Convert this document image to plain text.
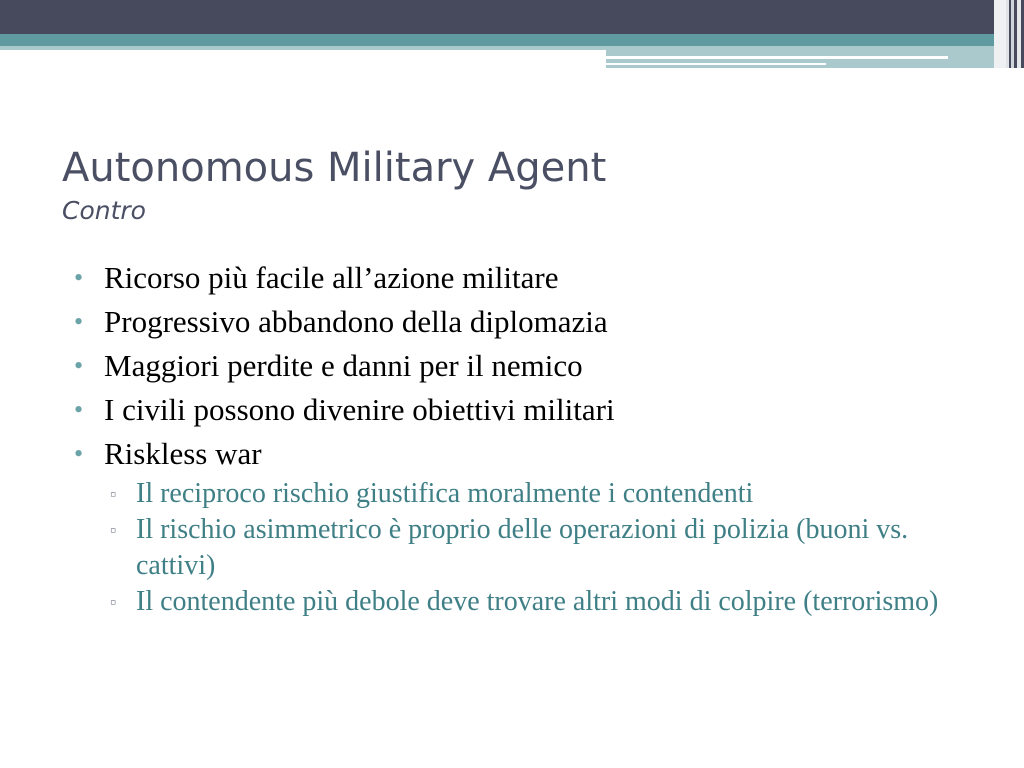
Autonomous Military Agent

Contro

• Ricorso più facile all’azione militare
• Progressivo abbandono della diplomazia
• Maggiori perdite e danni per il nemico
• I civili possono divenire obiettivi militari
• Riskless war
▫ Il reciproco rischio giustifica moralmente i contendenti
▫ Il rischio asimmetrico è proprio delle operazioni di polizia (buoni vs. cattivi)
▫ Il contendente più debole deve trovare altri modi di colpire (terrorismo)
